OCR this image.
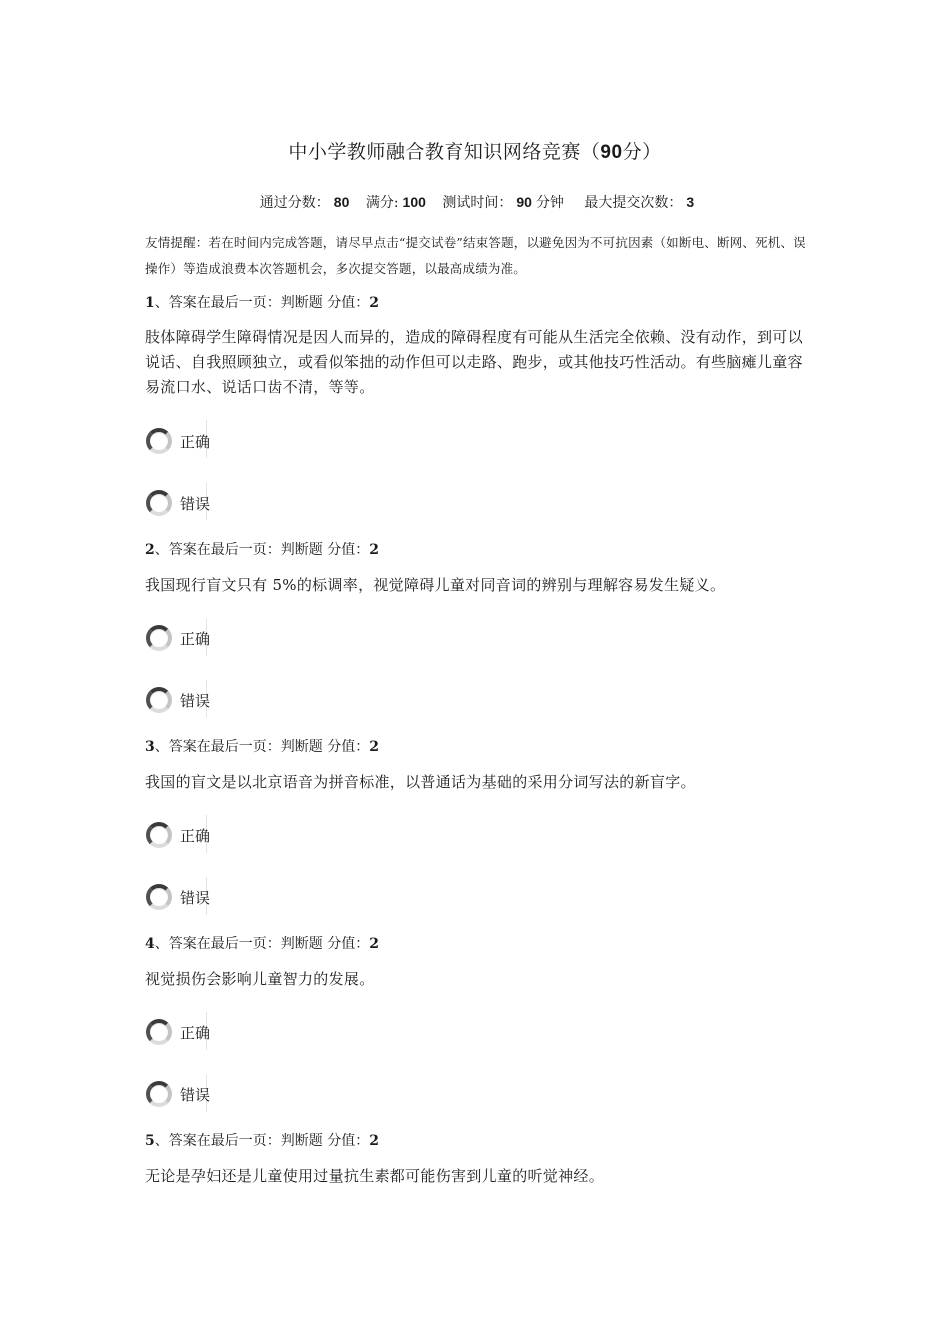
中小学教师融合教育知识网络竞赛（90分）
通过分数： 80 满分: 100 测试时间： 90 分钟 最大提交次数： 3
友情提醒：若在时间内完成答题，请尽早点击“提交试卷”结束答题，以避免因为不可抗因素（如断电、断网、死机、误操作）等造成浪费本次答题机会，多次提交答题，以最高成绩为准。
1、答案在最后一页：判断题 分值：2
肢体障碍学生障碍情况是因人而异的，造成的障碍程度有可能从生活完全依赖、没有动作，到可以说话、自我照顾独立，或看似笨拙的动作但可以走路、跑步，或其他技巧性活动。有些脑瘫儿童容易流口水、说话口齿不清，等等。
正确
错误
2、答案在最后一页：判断题 分值：2
我国现行盲文只有 5%的标调率，视觉障碍儿童对同音词的辨别与理解容易发生疑义。
正确
错误
3、答案在最后一页：判断题 分值：2
我国的盲文是以北京语音为拼音标准，以普通话为基础的采用分词写法的新盲字。
正确
错误
4、答案在最后一页：判断题 分值：2
视觉损伤会影响儿童智力的发展。
正确
错误
5、答案在最后一页：判断题 分值：2
无论是孕妇还是儿童使用过量抗生素都可能伤害到儿童的听觉神经。
